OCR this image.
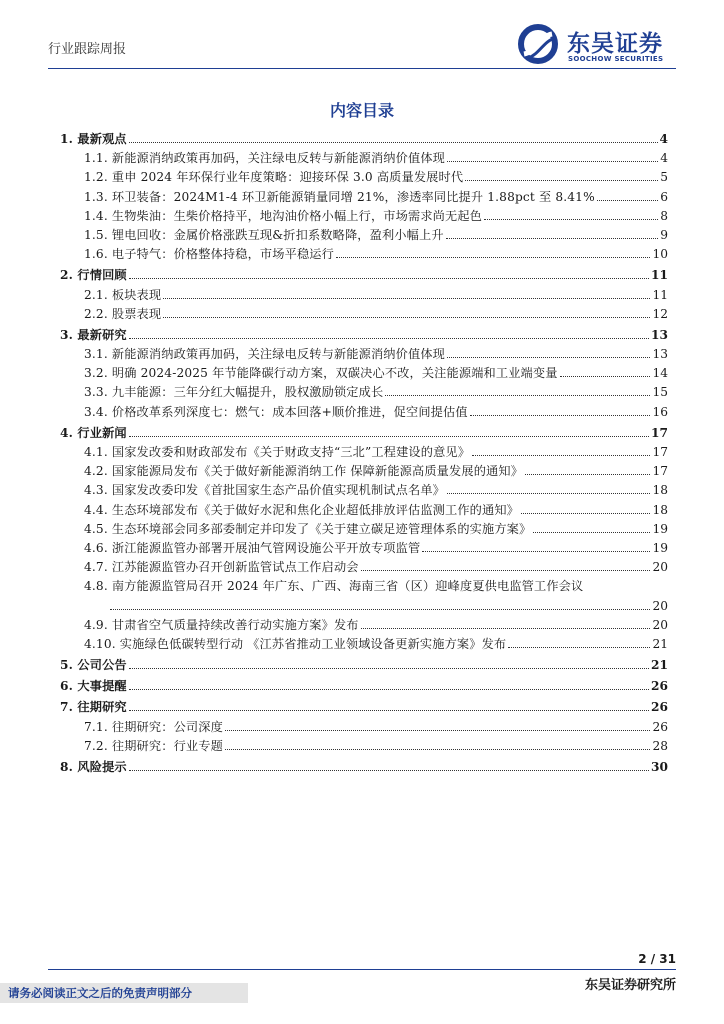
行业跟踪周报	东吴证券
SOOCHOW SECURITIES
内容目录
1. 最新观点	4
1.1. 新能源消纳政策再加码，关注绿电反转与新能源消纳价值体现	4
1.2. 重申 2024 年环保行业年度策略：迎接环保 3.0 高质量发展时代	5
1.3. 环卫装备：2024M1-4 环卫新能源销量同增 21%，渗透率同比提升 1.88pct 至 8.41%	6
1.4. 生物柴油：生柴价格持平，地沟油价格小幅上行，市场需求尚无起色	8
1.5. 锂电回收：金属价格涨跌互现&折扣系数略降，盈利小幅上升	9
1.6. 电子特气：价格整体持稳，市场平稳运行	10
2. 行情回顾	11
2.1. 板块表现	11
2.2. 股票表现	12
3. 最新研究	13
3.1. 新能源消纳政策再加码，关注绿电反转与新能源消纳价值体现	13
3.2. 明确 2024-2025 年节能降碳行动方案，双碳决心不改，关注能源端和工业端变量	14
3.3. 九丰能源：三年分红大幅提升，股权激励锁定成长	15
3.4. 价格改革系列深度七：燃气：成本回落+顺价推进，促空间提估值	16
4. 行业新闻	17
4.1. 国家发改委和财政部发布《关于财政支持“三北”工程建设的意见》	17
4.2. 国家能源局发布《关于做好新能源消纳工作 保障新能源高质量发展的通知》	17
4.3. 国家发改委印发《首批国家生态产品价值实现机制试点名单》	18
4.4. 生态环境部发布《关于做好水泥和焦化企业超低排放评估监测工作的通知》	18
4.5. 生态环境部会同多部委制定并印发了《关于建立碳足迹管理体系的实施方案》	19
4.6. 浙江能源监管办部署开展油气管网设施公平开放专项监管	19
4.7. 江苏能源监管办召开创新监管试点工作启动会	20
4.8. 南方能源监管局召开 2024 年广东、广西、海南三省（区）迎峰度夏供电监管工作会议
20
4.9. 甘肃省空气质量持续改善行动实施方案》发布	20
4.10. 实施绿色低碳转型行动 《江苏省推动工业领域设备更新实施方案》发布	21
5. 公司公告	21
6. 大事提醒	26
7. 往期研究	26
7.1. 往期研究：公司深度	26
7.2. 往期研究：行业专题	28
8. 风险提示	30
2 / 31
东吴证券研究所
请务必阅读正文之后的免责声明部分
